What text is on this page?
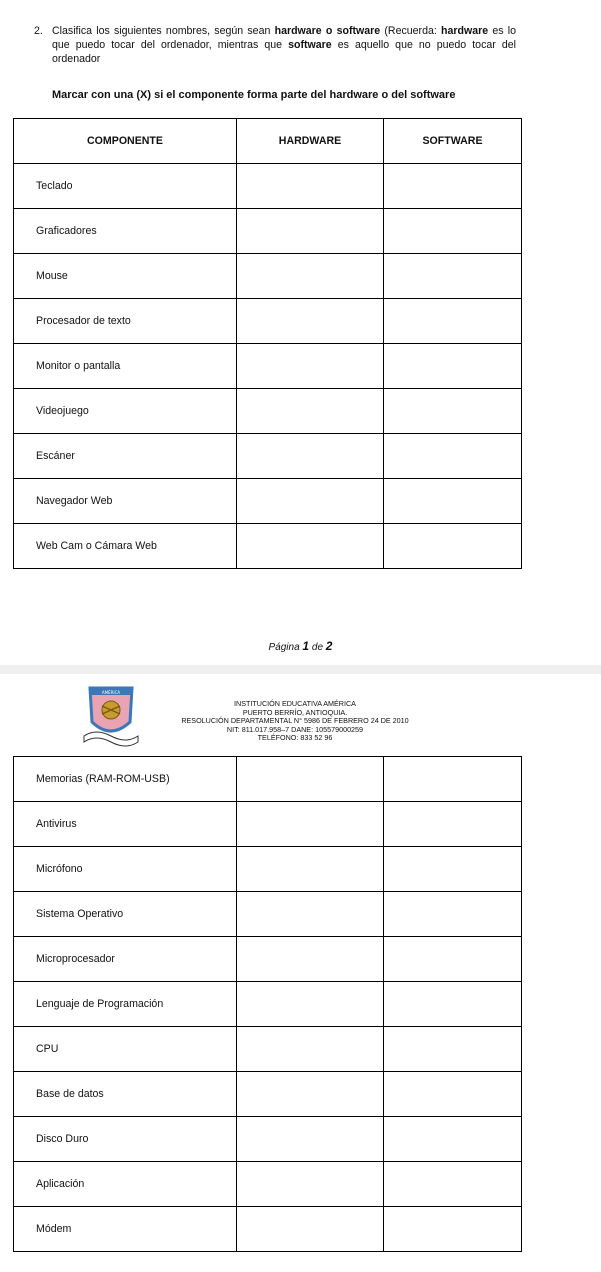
2. Clasifica los siguientes nombres, según sean hardware o software (Recuerda: hardware es lo que puedo tocar del ordenador, mientras que software es aquello que no puedo tocar del ordenador
Marcar con una (X) si el componente forma parte del hardware o del software
COMPONENTE	HARDWARE	SOFTWARE
Teclado		
Graficadores		
Mouse		
Procesador de texto		
Monitor o pantalla		
Videojuego		
Escáner		
Navegador Web		
Web Cam o Cámara Web		
Página 1 de 2
AMÉRICA
INSTITUCIÓN EDUCATIVA AMÉRICA
PUERTO BERRÍO, ANTIOQUIA.
RESOLUCIÓN DEPARTAMENTAL N° 5986 DE FEBRERO 24 DE 2010
NIT: 811.017.958–7 DANE: 105579000259
TELÉFONO: 833 52 96
Memorias (RAM-ROM-USB)		
Antivirus		
Micrófono		
Sistema Operativo		
Microprocesador		
Lenguaje de Programación		
CPU		
Base de datos		
Disco Duro		
Aplicación		
Módem		
